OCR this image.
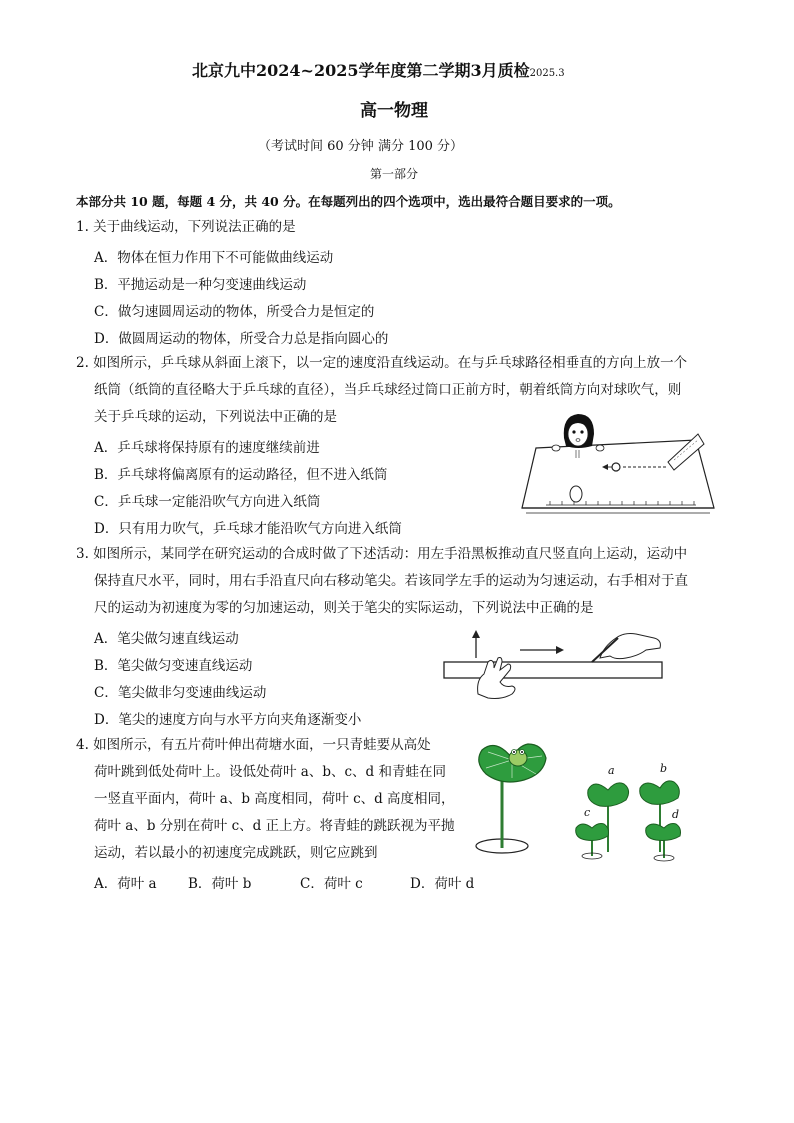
北京九中2024~2025学年度第二学期3月质检2025.3
高一物理
（考试时间 60 分钟 满分 100 分）
第一部分
本部分共 10 题，每题 4 分，共 40 分。在每题列出的四个选项中，选出最符合题目要求的一项。
1. 关于曲线运动，下列说法正确的是
A．物体在恒力作用下不可能做曲线运动
B．平抛运动是一种匀变速曲线运动
C．做匀速圆周运动的物体，所受合力是恒定的
D．做圆周运动的物体，所受合力总是指向圆心的
2. 如图所示，乒乓球从斜面上滚下，以一定的速度沿直线运动。在与乒乓球路径相垂直的方向上放一个
纸筒（纸筒的直径略大于乒乓球的直径），当乒乓球经过筒口正前方时，朝着纸筒方向对球吹气，则
关于乒乓球的运动，下列说法中正确的是
A．乒乓球将保持原有的速度继续前进
B．乒乓球将偏离原有的运动路径，但不进入纸筒
C．乒乓球一定能沿吹气方向进入纸筒
D．只有用力吹气，乒乓球才能沿吹气方向进入纸筒
3. 如图所示，某同学在研究运动的合成时做了下述活动：用左手沿黑板推动直尺竖直向上运动，运动中
保持直尺水平，同时，用右手沿直尺向右移动笔尖。若该同学左手的运动为匀速运动，右手相对于直
尺的运动为初速度为零的匀加速运动，则关于笔尖的实际运动，下列说法中正确的是
A．笔尖做匀速直线运动
B．笔尖做匀变速直线运动
C．笔尖做非匀变速曲线运动
D．笔尖的速度方向与水平方向夹角逐渐变小
4. 如图所示，有五片荷叶伸出荷塘水面，一只青蛙要从高处
荷叶跳到低处荷叶上。设低处荷叶 a、b、c、d 和青蛙在同
一竖直平面内，荷叶 a、b 高度相同，荷叶 c、d 高度相同，
荷叶 a、b 分别在荷叶 c、d 正上方。将青蛙的跳跃视为平抛
运动，若以最小的初速度完成跳跃，则它应跳到
A．荷叶 a B．荷叶 b	C．荷叶 c	D．荷叶 d
a	b
c	d
